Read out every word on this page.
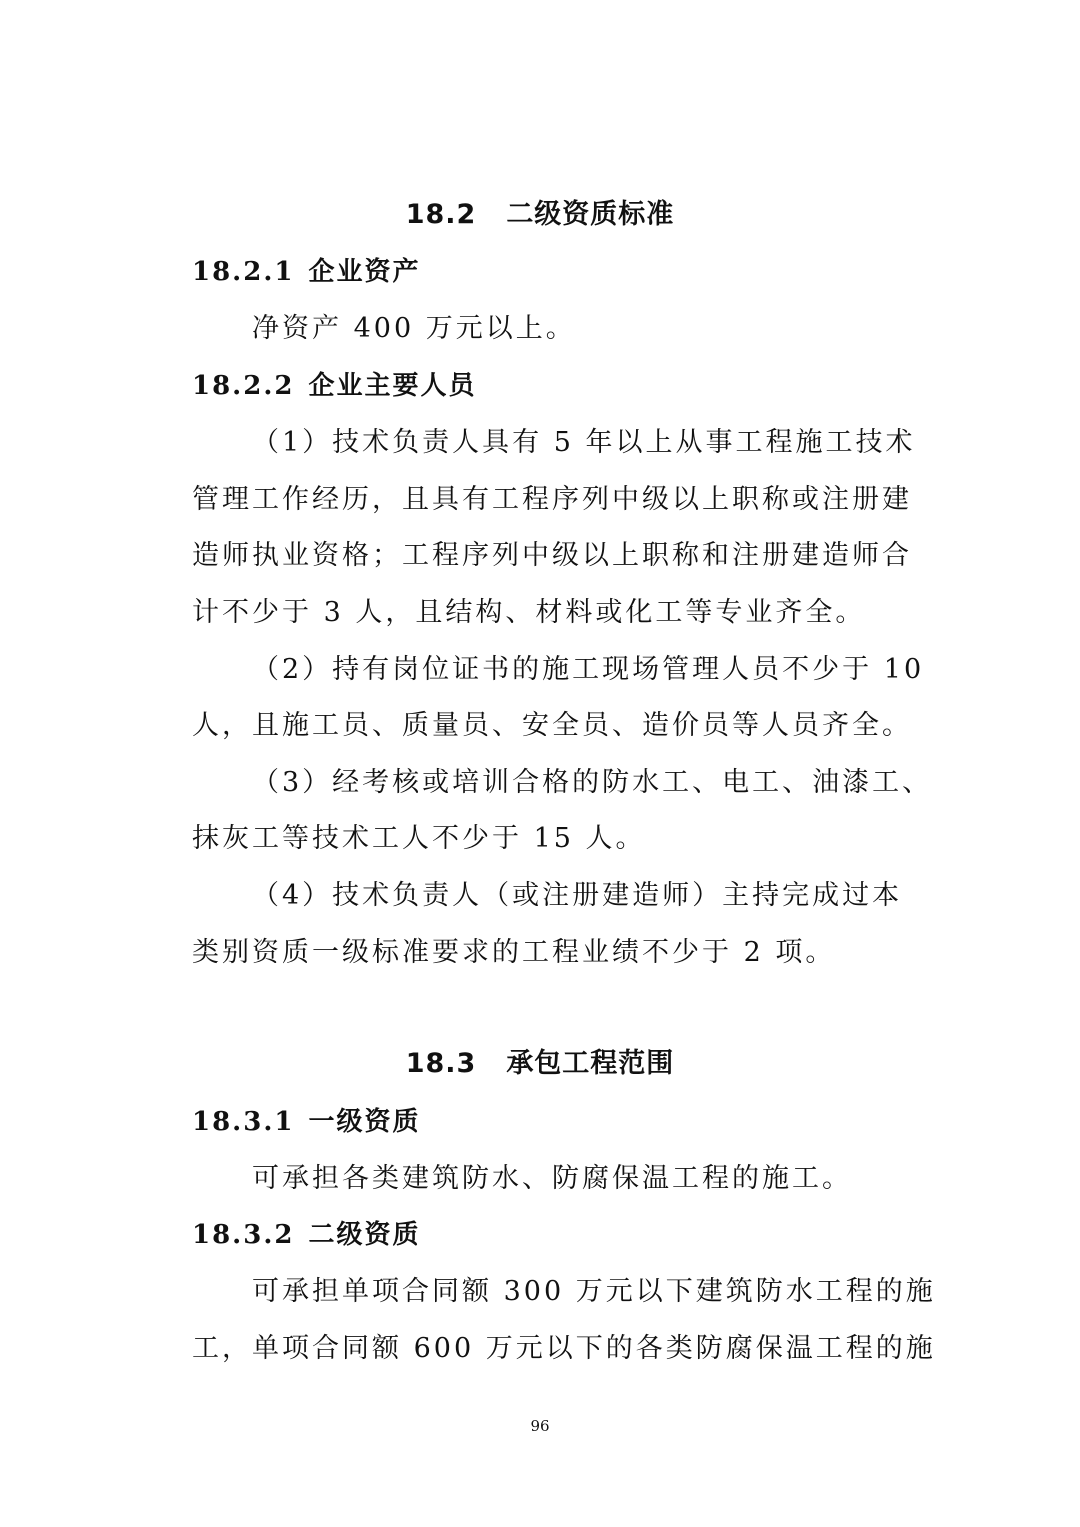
18.2 二级资质标准
18.2.1 企业资产
净资产 400 万元以上。
18.2.2 企业主要人员
（1）技术负责人具有 5 年以上从事工程施工技术
管理工作经历，且具有工程序列中级以上职称或注册建
造师执业资格；工程序列中级以上职称和注册建造师合
计不少于 3 人，且结构、材料或化工等专业齐全。
（2）持有岗位证书的施工现场管理人员不少于 10
人，且施工员、质量员、安全员、造价员等人员齐全。
（3）经考核或培训合格的防水工、电工、油漆工、
抹灰工等技术工人不少于 15 人。
（4）技术负责人（或注册建造师）主持完成过本
类别资质一级标准要求的工程业绩不少于 2 项。
18.3 承包工程范围
18.3.1 一级资质
可承担各类建筑防水、防腐保温工程的施工。
18.3.2 二级资质
可承担单项合同额 300 万元以下建筑防水工程的施
工，单项合同额 600 万元以下的各类防腐保温工程的施
96
